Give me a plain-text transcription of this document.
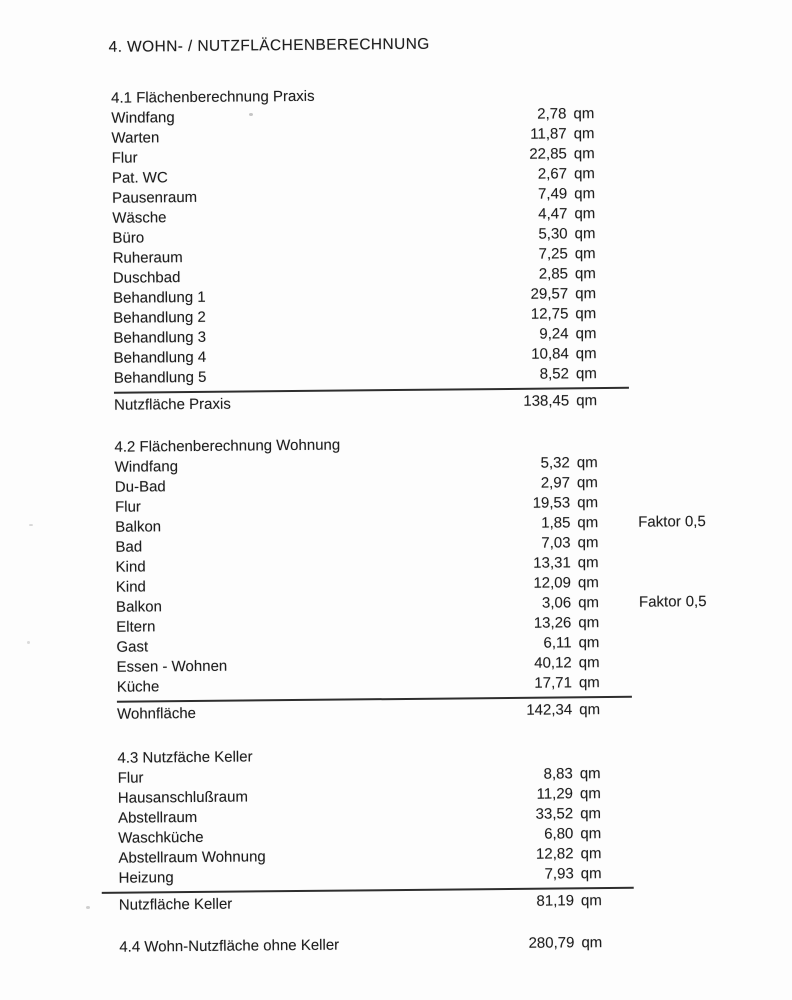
4. WOHN- / NUTZFLÄCHENBERECHNUNG
4.1 Flächenberechnung Praxis
Windfang	2,78 qm
Warten	11,87 qm
Flur	22,85 qm
Pat. WC	2,67 qm
Pausenraum	7,49 qm
Wäsche	4,47 qm
Büro	5,30 qm
Ruheraum	7,25 qm
Duschbad	2,85 qm
Behandlung 1	29,57 qm
Behandlung 2	12,75 qm
Behandlung 3	9,24 qm
Behandlung 4	10,84 qm
Behandlung 5	8,52 qm
Nutzfläche Praxis	138,45 qm
4.2 Flächenberechnung Wohnung
Windfang	5,32 qm
Du-Bad	2,97 qm
Flur	19,53 qm
Balkon	1,85 qm	Faktor 0,5
Bad	7,03 qm
Kind	13,31 qm
Kind	12,09 qm
Balkon	3,06 qm	Faktor 0,5
Eltern	13,26 qm
Gast	6,11 qm
Essen - Wohnen	40,12 qm
Küche	17,71 qm
Wohnfläche	142,34 qm
4.3 Nutzfäche Keller
Flur	8,83 qm
Hausanschlußraum	11,29 qm
Abstellraum	33,52 qm
Waschküche	6,80 qm
Abstellraum Wohnung	12,82 qm
Heizung	7,93 qm
Nutzfläche Keller	81,19 qm
4.4 Wohn-Nutzfläche ohne Keller	280,79 qm
